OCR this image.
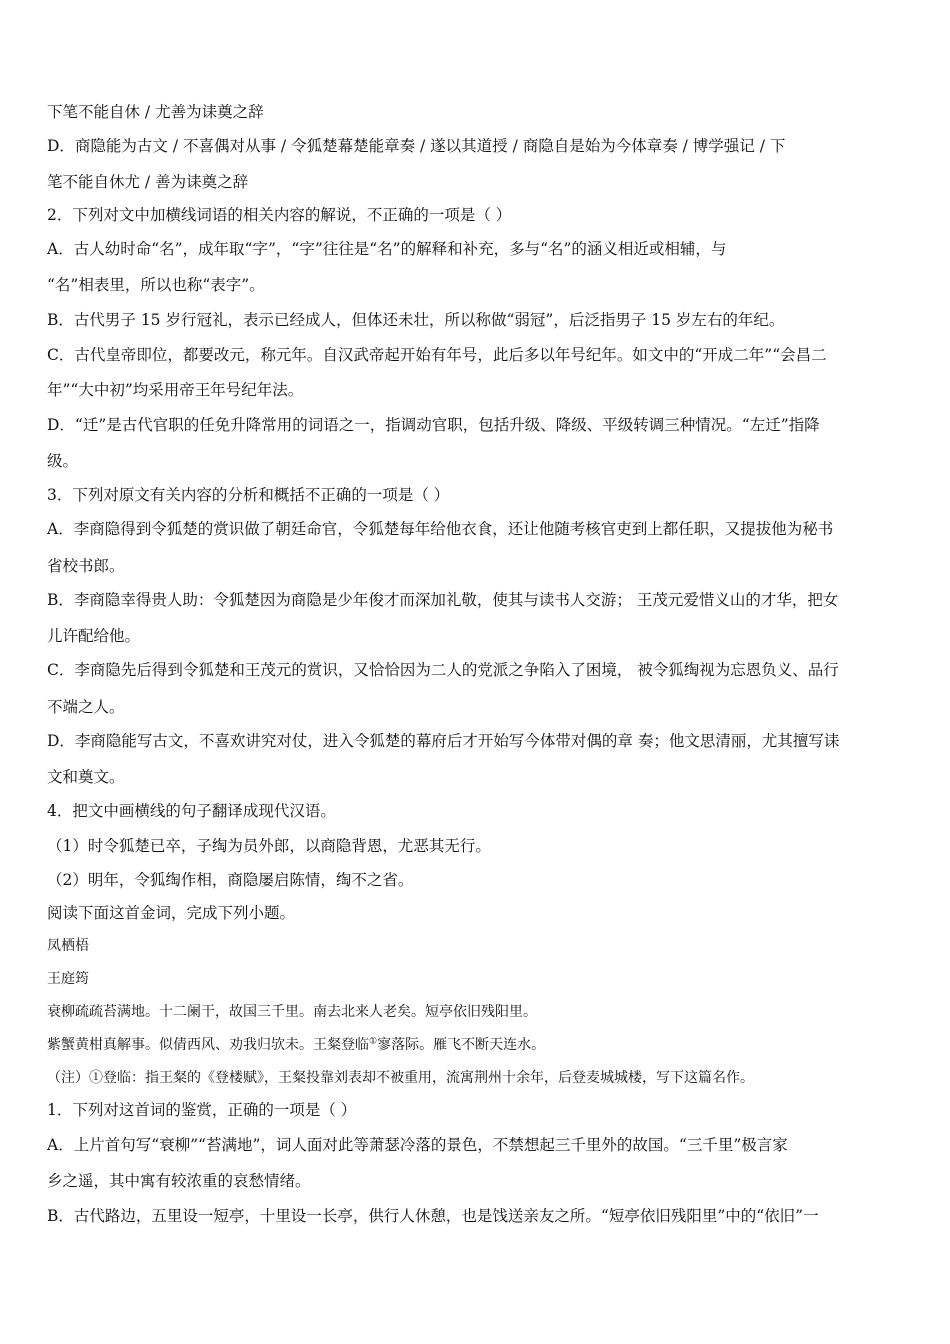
下笔不能自休 / 尤善为诔奠之辞
D．商隐能为古文 / 不喜偶对从事 / 令狐楚幕楚能章奏 / 遂以其道授 / 商隐自是始为今体章奏 / 博学强记 / 下
笔不能自休尤 / 善为诔奠之辞
2．下列对文中加横线词语的相关内容的解说，不正确的一项是（ ）
A．古人幼时命“名”，成年取“字”，“字”往往是“名”的解释和补充，多与“名”的涵义相近或相辅，与
“名”相表里，所以也称“表字”。
B．古代男子 15 岁行冠礼，表示已经成人，但体还未壮，所以称做“弱冠”，后泛指男子 15 岁左右的年纪。
C．古代皇帝即位，都要改元，称元年。自汉武帝起开始有年号，此后多以年号纪年。如文中的“开成二年”“会昌二
年”“大中初”均采用帝王年号纪年法。
D．“迁”是古代官职的任免升降常用的词语之一，指调动官职，包括升级、降级、平级转调三种情况。“左迁”指降
级。
3．下列对原文有关内容的分析和概括不正确的一项是（ ）
A．李商隐得到令狐楚的赏识做了朝廷命官，令狐楚每年给他衣食，还让他随考核官吏到上都任职，又提拔他为秘书
省校书郎。
B．李商隐幸得贵人助：令狐楚因为商隐是少年俊才而深加礼敬，使其与读书人交游； 王茂元爱惜义山的才华，把女
儿许配给他。
C．李商隐先后得到令狐楚和王茂元的赏识，又恰恰因为二人的党派之争陷入了困境， 被令狐绹视为忘恩负义、品行
不端之人。
D．李商隐能写古文，不喜欢讲究对仗，进入令狐楚的幕府后才开始写今体带对偶的章 奏；他文思清丽，尤其擅写诔
文和奠文。
4．把文中画横线的句子翻译成现代汉语。
（1）时令狐楚已卒，子绹为员外郎，以商隐背恩，尤恶其无行。
（2）明年，令狐绹作相，商隐屡启陈情，绹不之省。
阅读下面这首金词，完成下列小题。
凤栖梧
王庭筠
衰柳疏疏苔满地。十二阑干，故国三千里。南去北来人老矣。短亭依旧残阳里。
紫蟹黄柑真解事。似倩西风、劝我归欤未。王粲登临①寥落际。雁飞不断天连水。
（注）①登临：指王粲的《登楼赋》，王粲投靠刘表却不被重用，流寓荆州十余年，后登麦城城楼，写下这篇名作。
1．下列对这首词的鉴赏，正确的一项是（ ）
A．上片首句写“衰柳”“苔满地”，词人面对此等萧瑟冷落的景色，不禁想起三千里外的故国。“三千里”极言家
乡之遥，其中寓有较浓重的哀愁情绪。
B．古代路边，五里设一短亭，十里设一长亭，供行人休憩，也是饯送亲友之所。“短亭依旧残阳里”中的“依旧”一
